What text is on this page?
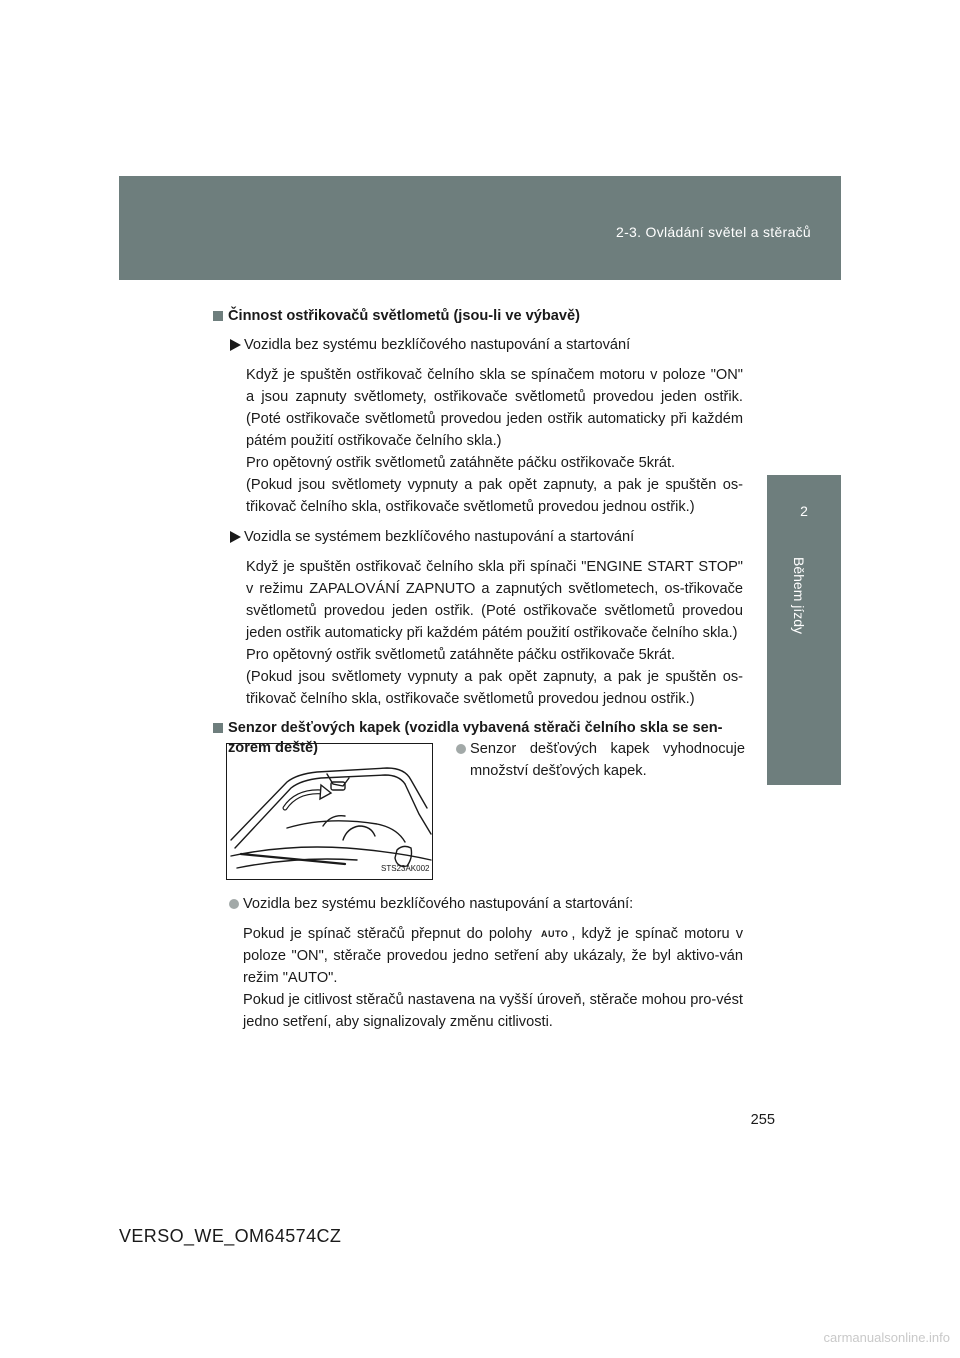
2-3. Ovládání světel a stěračů
2
Během jízdy
Činnost ostřikovačů světlometů (jsou-li ve výbavě)
Vozidla bez systému bezklíčového nastupování a startování

Když je spuštěn ostřikovač čelního skla se spínačem motoru v poloze "ON" a jsou zapnuty světlomety, ostřikovače světlometů provedou jeden ostřik. (Poté ostřikovače světlometů provedou jeden ostřik automaticky při každém pátém použití ostřikovače čelního skla.)

Pro opětovný ostřik světlometů zatáhněte páčku ostřikovače 5krát.

(Pokud jsou světlomety vypnuty a pak opět zapnuty, a pak je spuštěn os-třikovač čelního skla, ostřikovače světlometů provedou jednou ostřik.)

Vozidla se systémem bezklíčového nastupování a startování

Když je spuštěn ostřikovač čelního skla při spínači "ENGINE START STOP" v režimu ZAPALOVÁNÍ ZAPNUTO a zapnutých světlometech, os-třikovače světlometů provedou jeden ostřik. (Poté ostřikovače světlometů provedou jeden ostřik automaticky při každém pátém použití ostřikovače čelního skla.)

Pro opětovný ostřik světlometů zatáhněte páčku ostřikovače 5krát.

(Pokud jsou světlomety vypnuty a pak opět zapnuty, a pak je spuštěn os-třikovač čelního skla, ostřikovače světlometů provedou jednou ostřik.)

Senzor dešťových kapek (vozidla vybavená stěrači čelního skla se sen-zorem deště)
STS23AK002
Senzor dešťových kapek vyhodnocuje množství dešťových kapek.
Vozidla bez systému bezklíčového nastupování a startování:

Pokud je spínač stěračů přepnut do polohy AUTO , když je spínač motoru v poloze "ON", stěrače provedou jedno setření aby ukázaly, že byl aktivo-ván režim "AUTO".

Pokud je citlivost stěračů nastavena na vyšší úroveň, stěrače mohou pro-vést jedno setření, aby signalizovaly změnu citlivosti.

255
VERSO_WE_OM64574CZ
carmanualsonline.info
